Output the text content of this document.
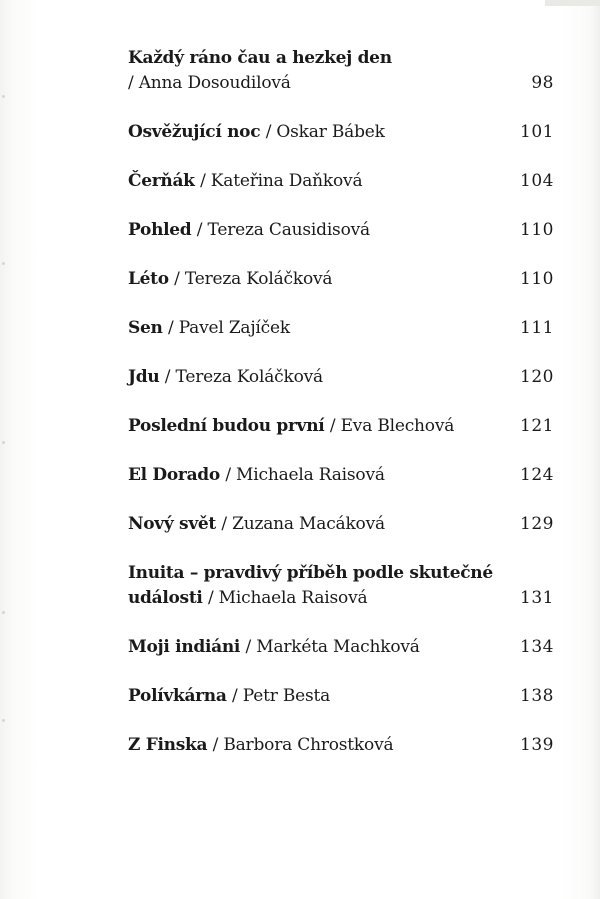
Každý ráno čau a hezkej den
/ Anna Dosoudilová	98
Osvěžující noc / Oskar Bábek	101
Čerňák / Kateřina Daňková	104
Pohled / Tereza Causidisová	110
Léto / Tereza Koláčková	110
Sen / Pavel Zajíček	111
Jdu / Tereza Koláčková	120
Poslední budou první / Eva Blechová	121
El Dorado / Michaela Raisová	124
Nový svět / Zuzana Macáková	129
Inuita – pravdivý příběh podle skutečné události / Michaela Raisová	131
Moji indiáni / Markéta Machková	134
Polívkárna / Petr Besta	138
Z Finska / Barbora Chrostková	139
